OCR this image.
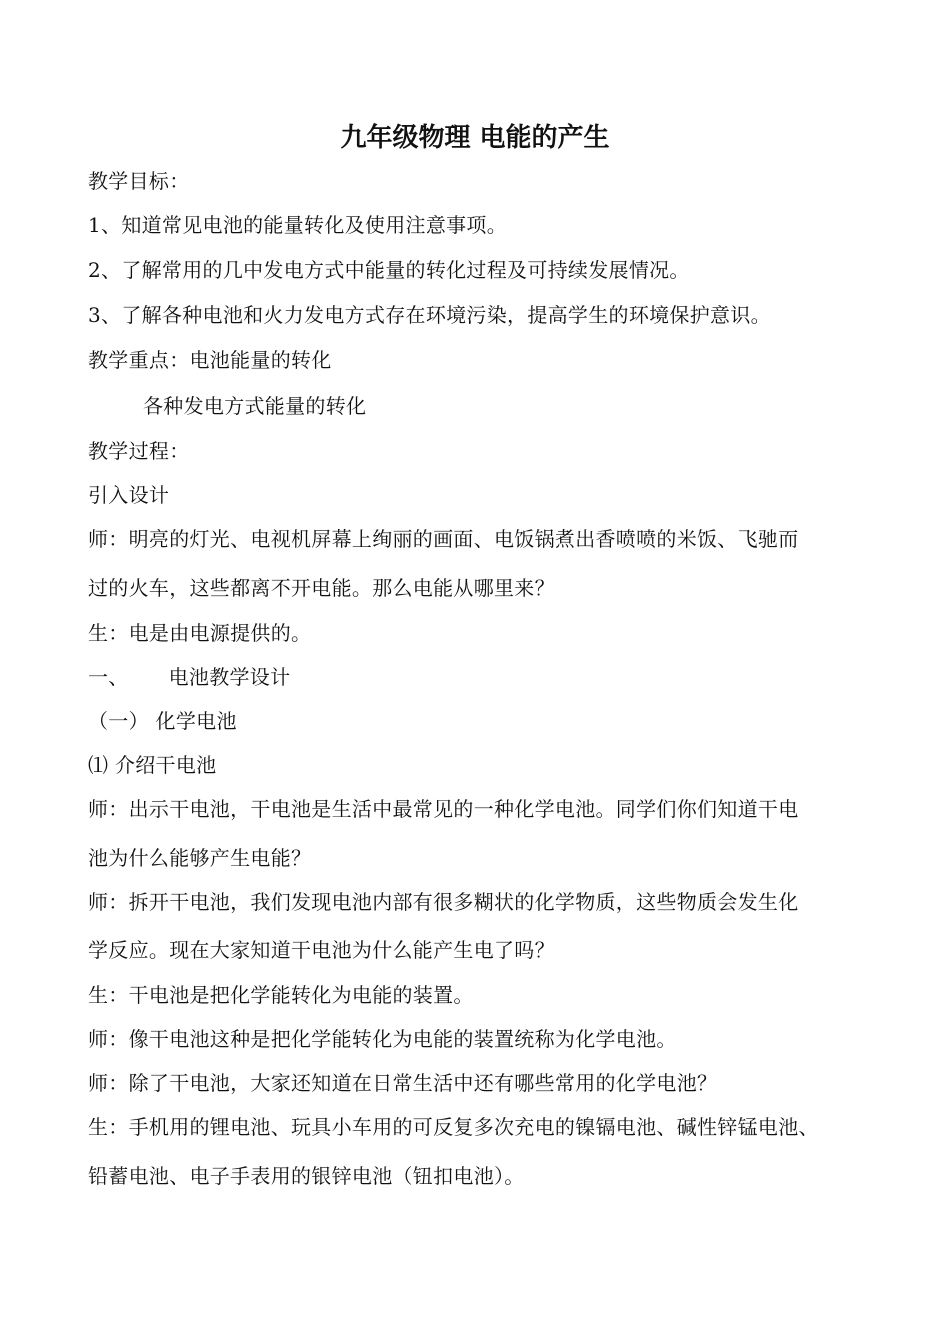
九年级物理 电能的产生
教学目标：
1、知道常见电池的能量转化及使用注意事项。
2、了解常用的几中发电方式中能量的转化过程及可持续发展情况。
3、了解各种电池和火力发电方式存在环境污染，提高学生的环境保护意识。
教学重点：电池能量的转化
各种发电方式能量的转化
教学过程：
引入设计
师：明亮的灯光、电视机屏幕上绚丽的画面、电饭锅煮出香喷喷的米饭、飞驰而
过的火车，这些都离不开电能。那么电能从哪里来？
生：电是由电源提供的。
一、 电池教学设计
（一） 化学电池
⑴ 介绍干电池
师：出示干电池，干电池是生活中最常见的一种化学电池。同学们你们知道干电
池为什么能够产生电能？
师：拆开干电池，我们发现电池内部有很多糊状的化学物质，这些物质会发生化
学反应。现在大家知道干电池为什么能产生电了吗？
生：干电池是把化学能转化为电能的装置。
师：像干电池这种是把化学能转化为电能的装置统称为化学电池。
师：除了干电池，大家还知道在日常生活中还有哪些常用的化学电池？
生：手机用的锂电池、玩具小车用的可反复多次充电的镍镉电池、碱性锌锰电池、
铅蓄电池、电子手表用的银锌电池（钮扣电池）。
